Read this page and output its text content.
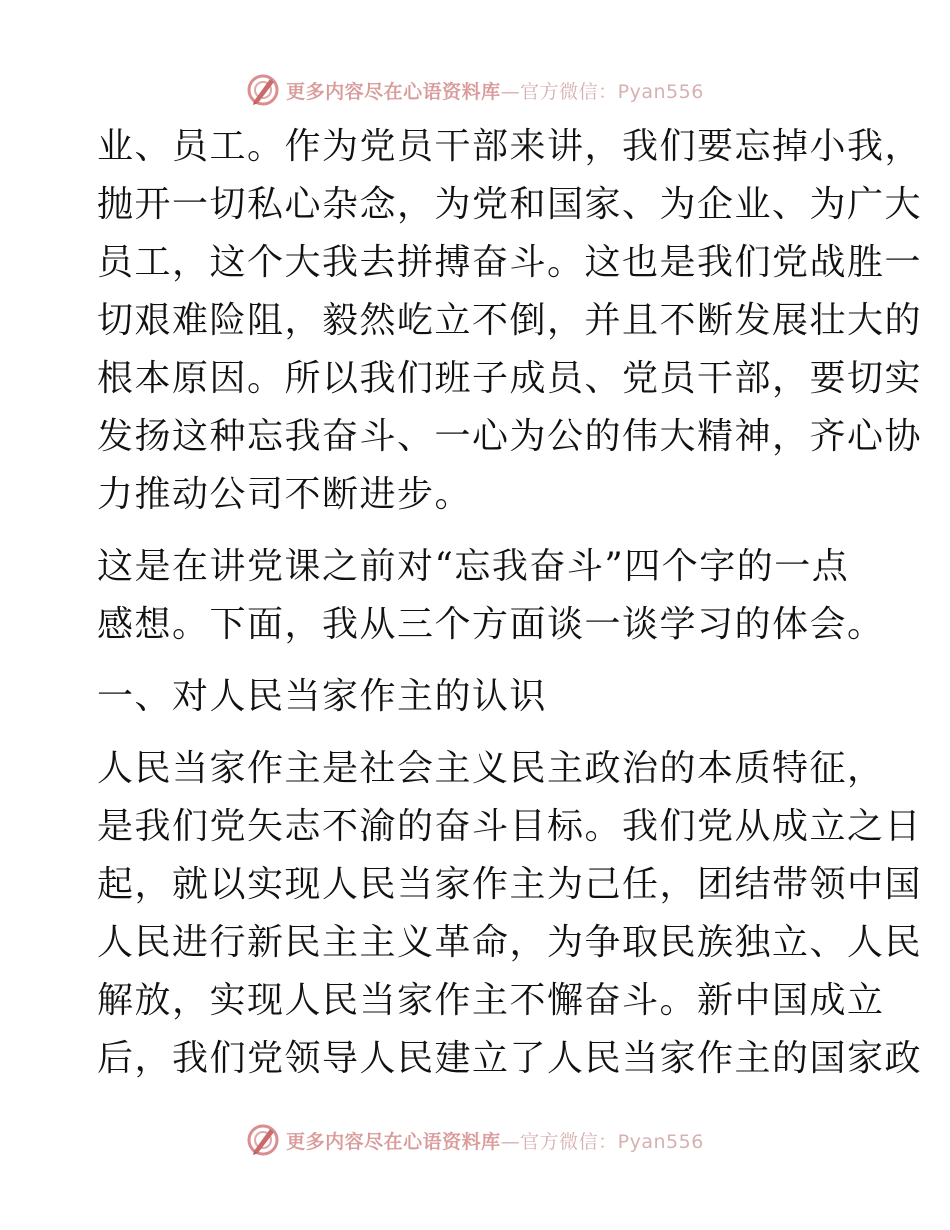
更多内容尽在心语资料库—官方微信：Pyan556

业、员工。作为党员干部来讲，我们要忘掉小我，
抛开一切私心杂念，为党和国家、为企业、为广大
员工，这个大我去拼搏奋斗。这也是我们党战胜一
切艰难险阻，毅然屹立不倒，并且不断发展壮大的
根本原因。所以我们班子成员、党员干部，要切实
发扬这种忘我奋斗、一心为公的伟大精神，齐心协
力推动公司不断进步。

这是在讲党课之前对“忘我奋斗”四个字的一点
感想。下面，我从三个方面谈一谈学习的体会。

一、对人民当家作主的认识

人民当家作主是社会主义民主政治的本质特征，
是我们党矢志不渝的奋斗目标。我们党从成立之日
起，就以实现人民当家作主为己任，团结带领中国
人民进行新民主主义革命，为争取民族独立、人民
解放，实现人民当家作主不懈奋斗。新中国成立
后，我们党领导人民建立了人民当家作主的国家政

更多内容尽在心语资料库—官方微信：Pyan556
